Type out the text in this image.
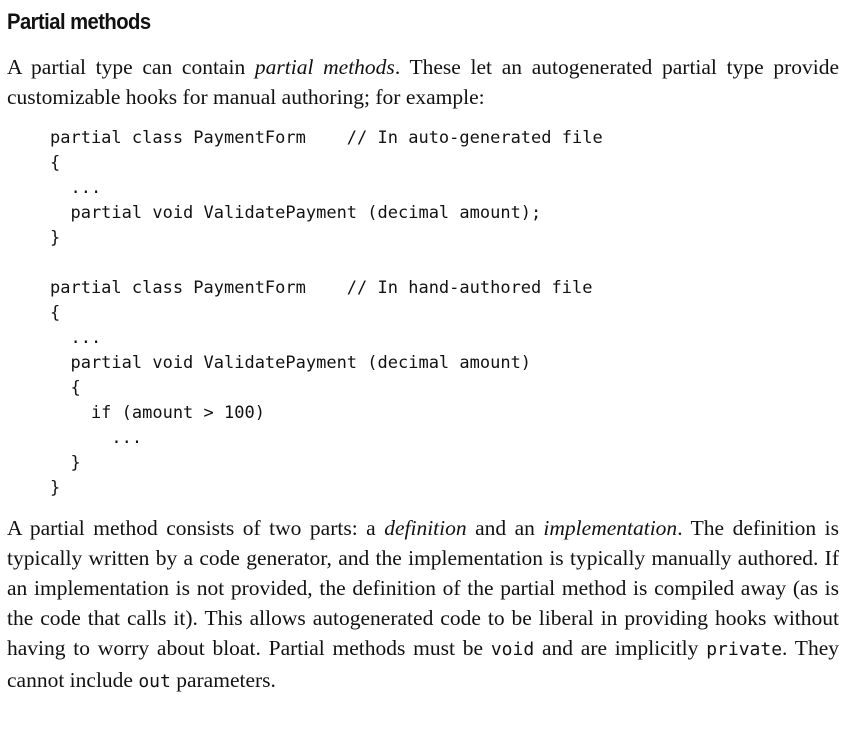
Partial methods

A partial type can contain partial methods. These let an autogenerated partial type provide customizable hooks for manual authoring; for example:

partial class PaymentForm    // In auto-generated file
{
...
partial void ValidatePayment (decimal amount);
}
partial class PaymentForm    // In hand-authored file
{
...
partial void ValidatePayment (decimal amount)
{
if (amount > 100)
...
}
}

A partial method consists of two parts: a definition and an implementation. The definition is typically written by a code generator, and the implementation is typically manually authored. If an implementation is not provided, the definition of the partial method is compiled away (as is the code that calls it). This allows autogenerated code to be liberal in providing hooks without having to worry about bloat. Partial methods must be void and are implicitly private. They cannot include out parameters.
